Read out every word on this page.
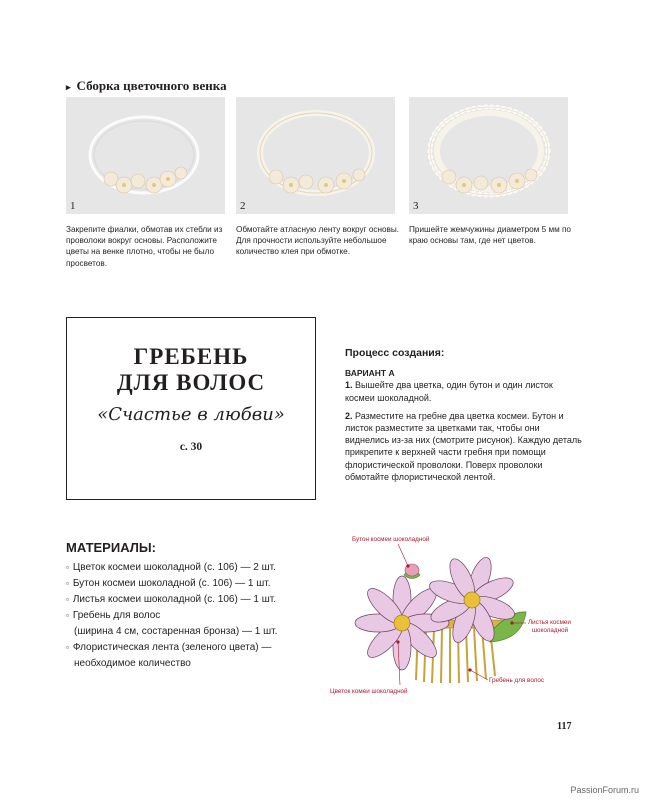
▸ Сборка цветочного венка
1	2	3
Закрепите фиалки, обмотав их стебли из проволоки вокруг основы. Расположите цветы на венке плотно, чтобы не было просветов.
Обмотайте атласную ленту вокруг основы. Для прочности используйте небольшое количество клея при обмотке.
Пришейте жемчужины диаметром 5 мм по краю основы там, где нет цветов.
ГРЕБЕНЬ
ДЛЯ ВОЛОС
«Счастье в любви»
с. 30
Процесс создания:
ВАРИАНТ А

1. Вышейте два цветка, один бутон и один листок космеи шоколадной.

2. Разместите на гребне два цветка космеи. Бутон и листок разместите за цветками так, чтобы они виднелись из-за них (смотрите рисунок). Каждую деталь прикрепите к верхней части гребня при помощи флористической проволоки. Поверх проволоки обмотайте флористической лентой.

МАТЕРИАЛЫ:
▫ Цветок космеи шоколадной (с. 106) — 2 шт.
▫ Бутон космеи шоколадной (с. 106) — 1 шт.
▫ Листья космеи шоколадной (с. 106) — 1 шт.
▫ Гребень для волос
(ширина 4 см, состаренная бронза) — 1 шт.
▫ Флористическая лента (зеленого цвета) —
необходимое количество
Бутон космеи шоколадной
Листья космеи
шоколадной
Гребень для волос
Цветок комеи шоколадной
117
PassionForum.ru
